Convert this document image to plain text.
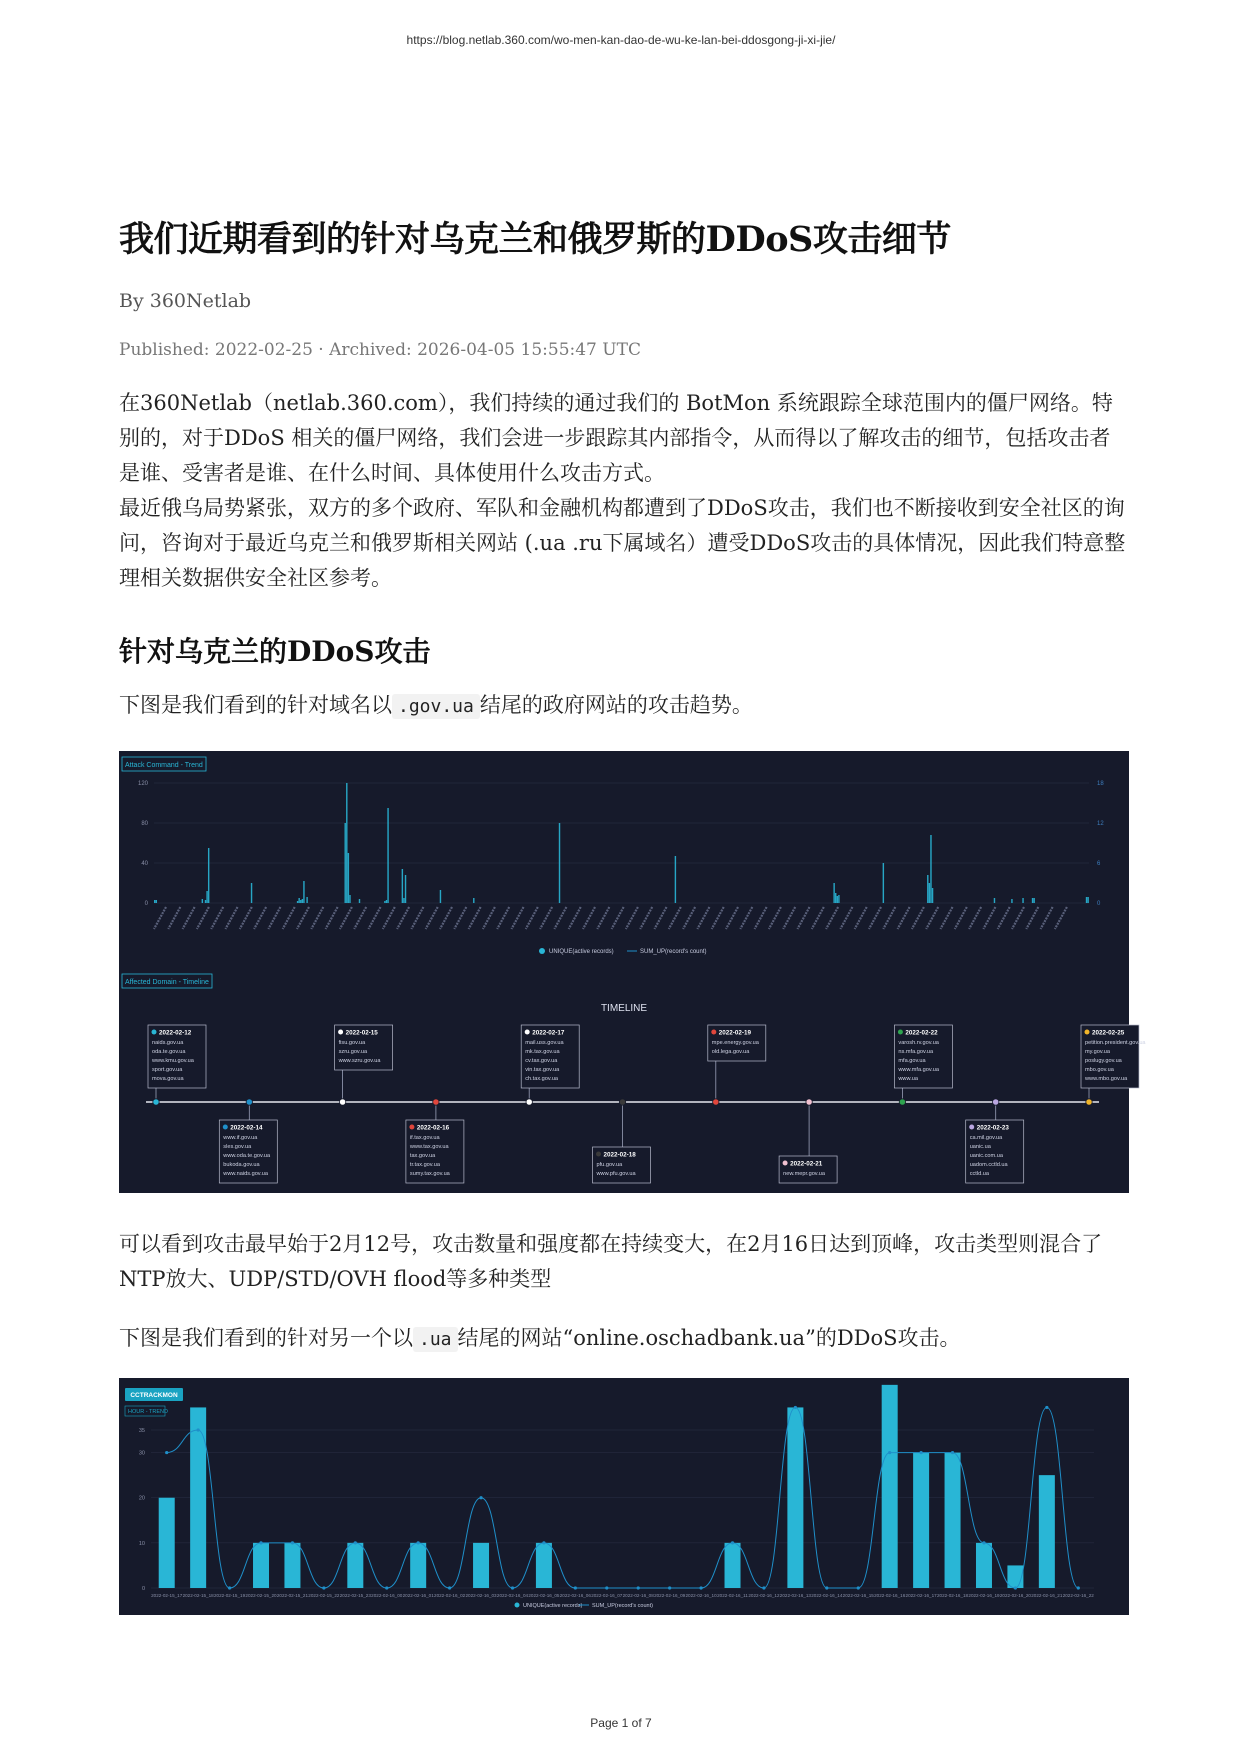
https://blog.netlab.360.com/wo-men-kan-dao-de-wu-ke-lan-bei-ddosgong-ji-xi-jie/
我们近期看到的针对乌克兰和俄罗斯的DDoS攻击细节
By 360Netlab
Published: 2022-02-25 · Archived: 2026-04-05 15:55:47 UTC

在360Netlab（netlab.360.com），我们持续的通过我们的 BotMon 系统跟踪全球范围内的僵尸网络。特别的，对于DDoS 相关的僵尸网络，我们会进一步跟踪其内部指令，从而得以了解攻击的细节，包括攻击者是谁、受害者是谁、在什么时间、具体使用什么攻击方式。

最近俄乌局势紧张，双方的多个政府、军队和金融机构都遭到了DDoS攻击，我们也不断接收到安全社区的询问，咨询对于最近乌克兰和俄罗斯相关网站 (.ua .ru下属域名）遭受DDoS攻击的具体情况，因此我们特意整理相关数据供安全社区参考。

针对乌克兰的DDoS攻击

下图是我们看到的针对域名以 .gov.ua 结尾的政府网站的攻击趋势。

Attack Command - Trend
0
40
80
120
0
6
12
18
UNIQUE(active records)	SUM_UP(record's count)
Affected Domain - Timeline
TIMELINE
2022-02-12
naids.gov.ua
oda.te.gov.ua
www.kmu.gov.ua
sport.gov.ua
mova.gov.ua
2022-02-14
www.if.gov.ua
sles.gov.ua
www.oda.te.gov.ua
bukoda.gov.ua
www.naids.gov.ua
2022-02-15
fisu.gov.ua
szru.gov.ua
www.szru.gov.ua
2022-02-16
if.tax.gov.ua
www.tax.gov.ua
tax.gov.ua
tr.tax.gov.ua
sumy.tax.gov.ua
2022-02-17
mail.uss.gov.ua
mk.tax.gov.ua
cv.tax.gov.ua
vin.tax.gov.ua
ch.tax.gov.ua
2022-02-18
pfu.gov.ua
www.pfu.gov.ua
2022-02-19
mpe.energy.gov.ua
old.lega.gov.ua
2022-02-21
new.mepr.gov.ua
2022-02-22
varosh.rv.gov.ua
ns.mfa.gov.ua
mfa.gov.ua
www.mfa.gov.ua
www.ua
2022-02-23
ca.mil.gov.ua
uanic.ua
uanic.com.ua
uadom.cctld.ua
cctld.ua
2022-02-25
petition.president.gov.ua
my.gov.ua
poslugy.gov.ua
mbo.gov.ua
www.mbo.gov.ua

可以看到攻击最早始于2月12号，攻击数量和强度都在持续变大，在2月16日达到顶峰，攻击类型则混合了NTP放大、UDP/STD/OVH flood等多种类型

下图是我们看到的针对另一个以 .ua 结尾的网站“online.oschadbank.ua”的DDoS攻击。

CCTRACKMON
HOUR - TREND
0
10
20
30
35
2022-02-15_17 2022-02-15_18 2022-02-15_19 2022-02-15_20 2022-02-15_21 2022-02-15_22 2022-02-15_23 2022-02-16_00 2022-02-16_01 2022-02-16_02 2022-02-16_03 2022-02-16_04 2022-02-16_05 2022-02-16_06 2022-02-16_07 2022-02-16_08 2022-02-16_09 2022-02-16_10 2022-02-16_11 2022-02-16_12 2022-02-16_13 2022-02-16_14 2022-02-16_15 2022-02-16_16 2022-02-16_17 2022-02-16_18 2022-02-16_19 2022-02-16_20 2022-02-16_21 2022-02-16_22
UNIQUE(active records) SUM_UP(record's count)
Page 1 of 7
